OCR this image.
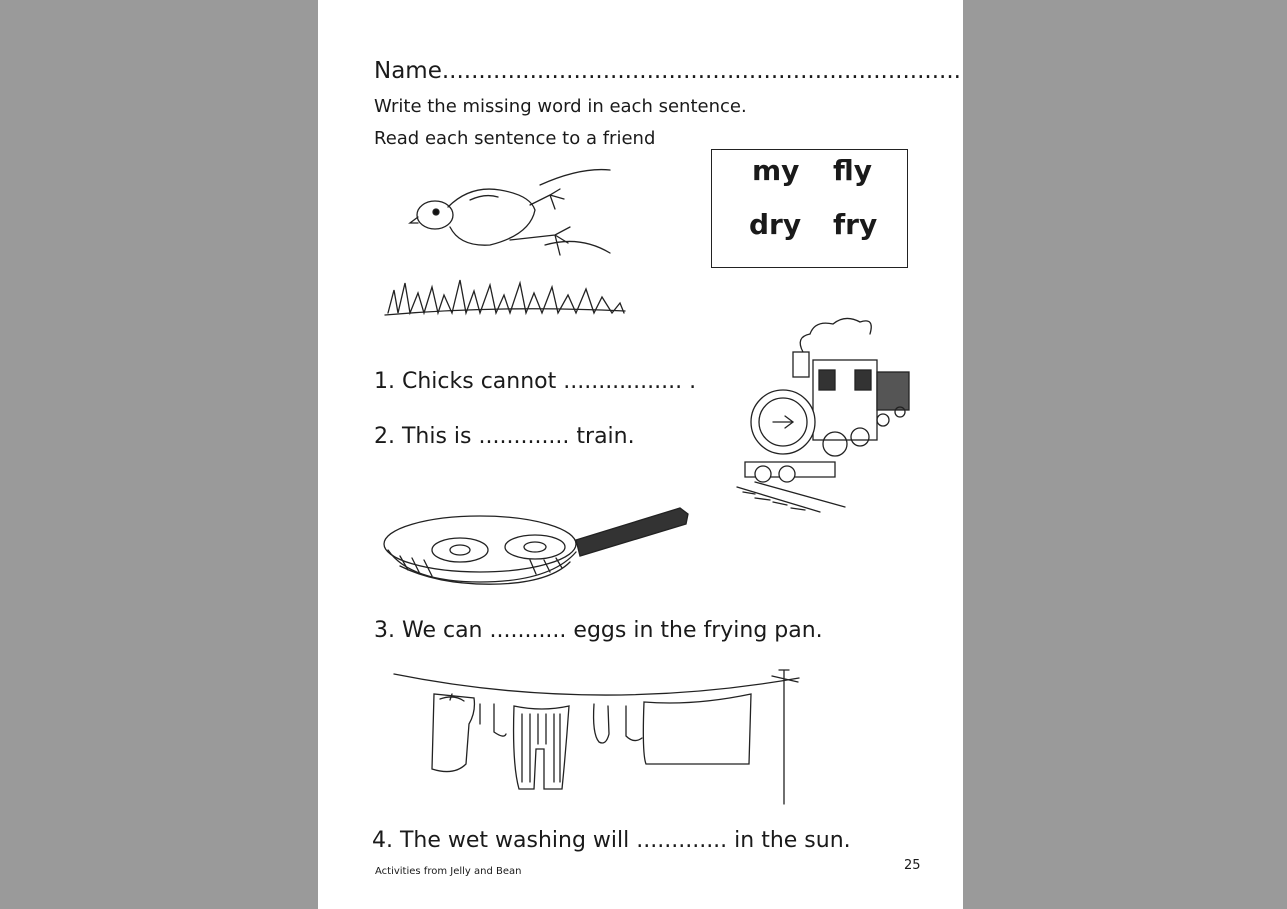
Name.......................................................................
Write the missing word in each sentence.
Read each sentence to a friend
my fly
dry fry
1. Chicks cannot ................. .
2. This is ............. train.
3. We can ........... eggs in the frying pan.
4. The wet washing will ............. in the sun.
Activities from Jelly and Bean	25
